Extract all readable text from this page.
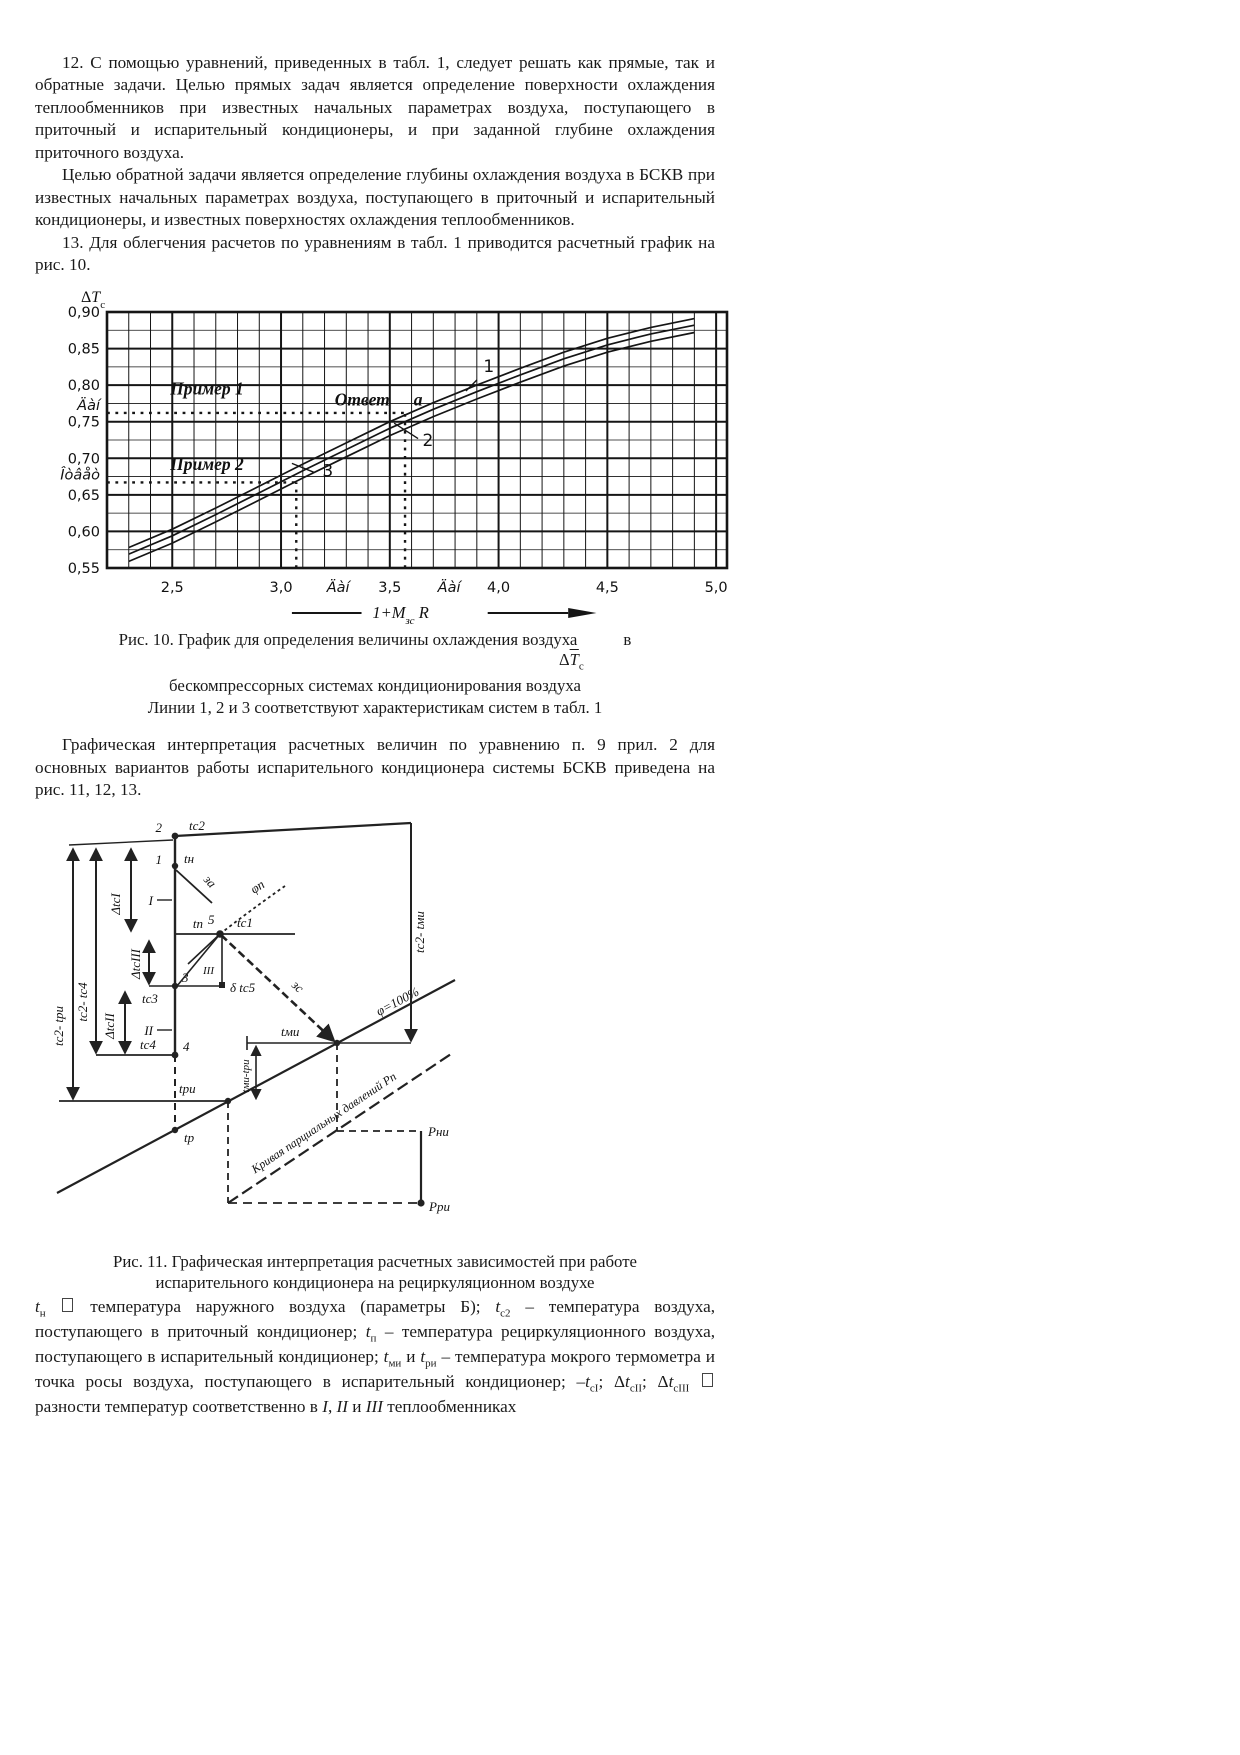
12. С помощью уравнений, приведенных в табл. 1, следует решать как прямые, так и обратные задачи. Целью прямых задач является определение поверхности охлаждения теплообменников при известных начальных параметрах воздуха, поступающего в приточный и испарительный кондиционеры, и при заданной глубине охлаждения приточного воздуха.

Целью обратной задачи является определение глубины охлаждения воздуха в БСКВ при известных начальных параметрах воздуха, поступающего в приточный и испарительный кондиционеры, и известных поверхностях охлаждения теплообменников.

13. Для облегчения расчетов по уравнениям в табл. 1 приводится расчетный график на рис. 10.

0,90
0,85
0,80
0,75
0,70
0,65
0,60
0,55
2,5	3,0	3,5	4,0	4,5	5,0
Äàí
Îòâåò
Äàí	Äàí
$\Delta T_с$
$1+M_{зс}$ R
1
2
3
Пример 1
Пример 2
Ответ а
Рис. 10. График для определения величины охлаждения воздуха	в
$\Delta\overline{T}_с$

бескомпрессорных системах кондиционирования воздуха

Линии 1, 2 и 3 соответствуют характеристикам систем в табл. 1

Графическая интерпретация расчетных величин по уравнению п. 9 прил. 2 для основных вариантов работы испарительного кондиционера системы БСКВ приведена на рис. 11, 12, 13.

2 tс2
1 tн
за
I
φп
tп 5 tс1
tс2- tри
tс2- tс4
ΔtсI
ΔtсIII	III
δ tс5
3
tс3
II
ΔtсII
4
tс4
зс
tс2- tми
tми
φ=100%
tри
tр
tми-tри
Кривая парциальных давлений Рп Рни
Рри

Рис. 11. Графическая интерпретация расчетных зависимостей при работе

испарительного кондиционера на рециркуляционном воздухе

$t_н$  температура наружного воздуха (параметры Б); $t_{с2}$ – температура воздуха, поступающего в приточный кондиционер; $t_п$ – температура рециркуляционного воздуха, поступающего в испарительный кондиционер; $t_{ми}$ и $t_{ри}$ – температура мокрого термометра и точка росы воздуха, поступающего в испарительный кондиционер; $-t_{сI}$; $\Delta t_{сII}$; $\Delta t_{сIII}$  разности температур соответственно в I, II и III теплообменниках
